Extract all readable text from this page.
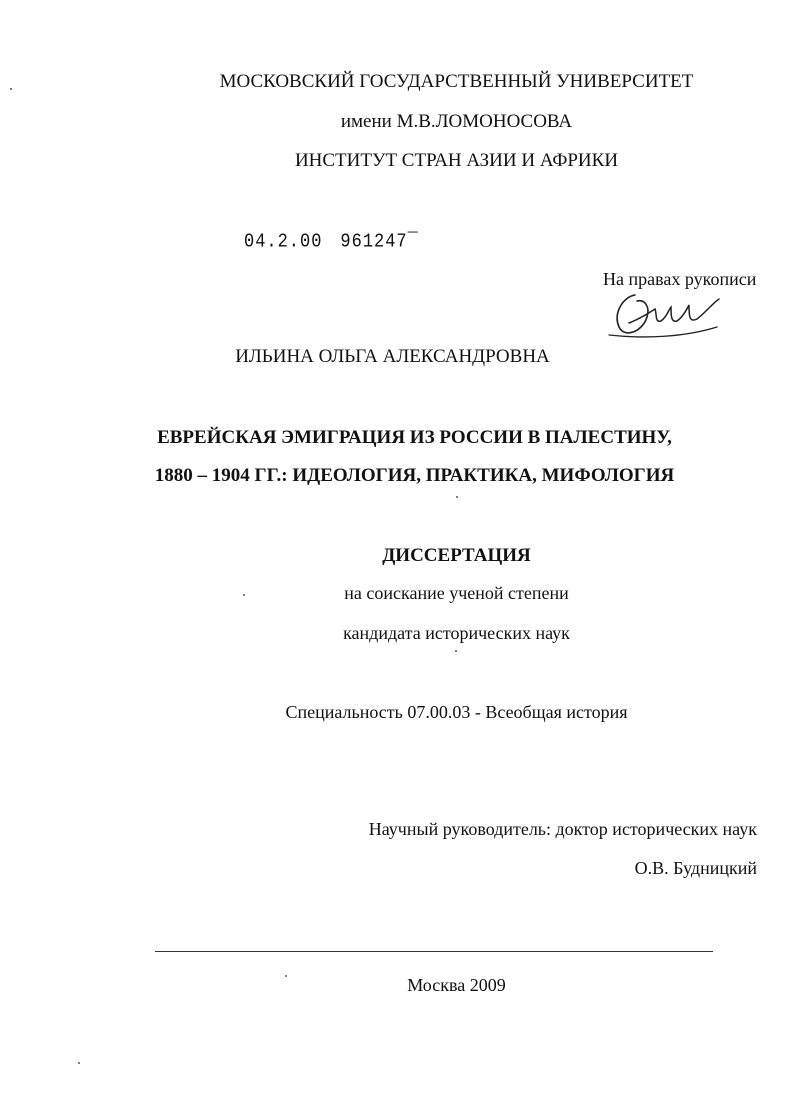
МОСКОВСКИЙ ГОСУДАРСТВЕННЫЙ УНИВЕРСИТЕТ
имени М.В.ЛОМОНОСОВА
ИНСТИТУТ СТРАН АЗИИ И АФРИКИ
04.2.00 961247‾
На правах рукописи
ИЛЬИНА ОЛЬГА АЛЕКСАНДРОВНА
ЕВРЕЙСКАЯ ЭМИГРАЦИЯ ИЗ РОССИИ В ПАЛЕСТИНУ,
1880 – 1904 ГГ.: ИДЕОЛОГИЯ, ПРАКТИКА, МИФОЛОГИЯ
ДИССЕРТАЦИЯ
на соискание ученой степени
кандидата исторических наук
Специальность 07.00.03 - Всеобщая история
Научный руководитель: доктор исторических наук
О.В. Будницкий
Москва 2009
